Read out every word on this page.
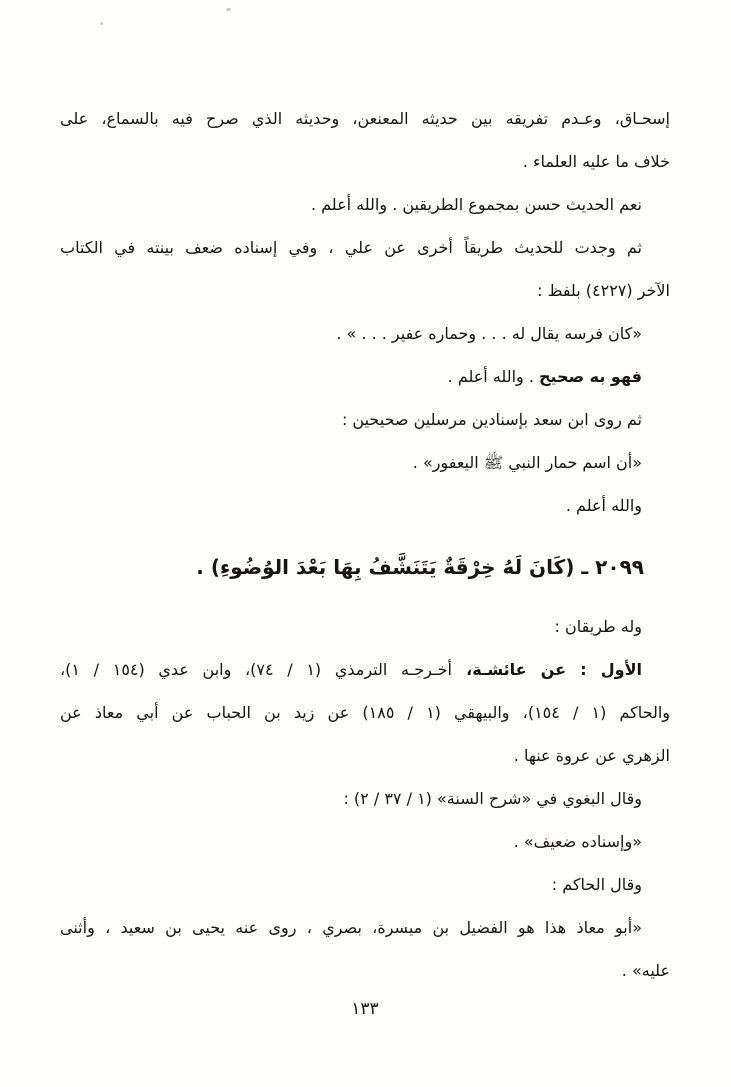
إسحـاق، وعـدم تفريقه بين حديثه المعنعن، وحديثه الذي صرح فيه بالسماع، على
خلاف ما عليه العلماء .
نعم الحديث حسن بمجموع الطريقين . والله أعلم .
ثم وجدت للحديث طريقاً أخرى عن علي ، وفي إسناده ضعف بينته في الكتاب
الآخر (٤٢٢٧) بلفظ :
«كان فرسه يقال له . . . وحماره عفير . . . » .
فهو به صحيح . والله أعلم .
ثم روى ابن سعد بإسنادين مرسلين صحيحين :
«أن اسم حمار النبي ﷺ اليعفور» .
والله أعلم .
٢٠٩٩ ـ (كَانَ لَهُ خِرْقَةٌ يَتَنَشَّفُ بِهَا بَعْدَ الوُضُوءِ) .
وله طريقان :
الأول : عن عائشـة، أخـرجـه الترمذي (١ / ٧٤)، وابن عدي (١٥٤ / ١)،
والحاكم (١ / ١٥٤)، والبيهقي (١ / ١٨٥) عن زيد بن الحباب عن أبي معاذ عن
الزهري عن عروة عنها .
وقال البغوي في «شرح السنة» (١ / ٣٧ / ٢) :
«وإسناده ضعيف» .
وقال الحاكم :
«أبو معاذ هذا هو الفضيل بن ميسرة، بصري ، روى عنه يحيى بن سعيد ، وأثنى
عليه» .
١٣٣
